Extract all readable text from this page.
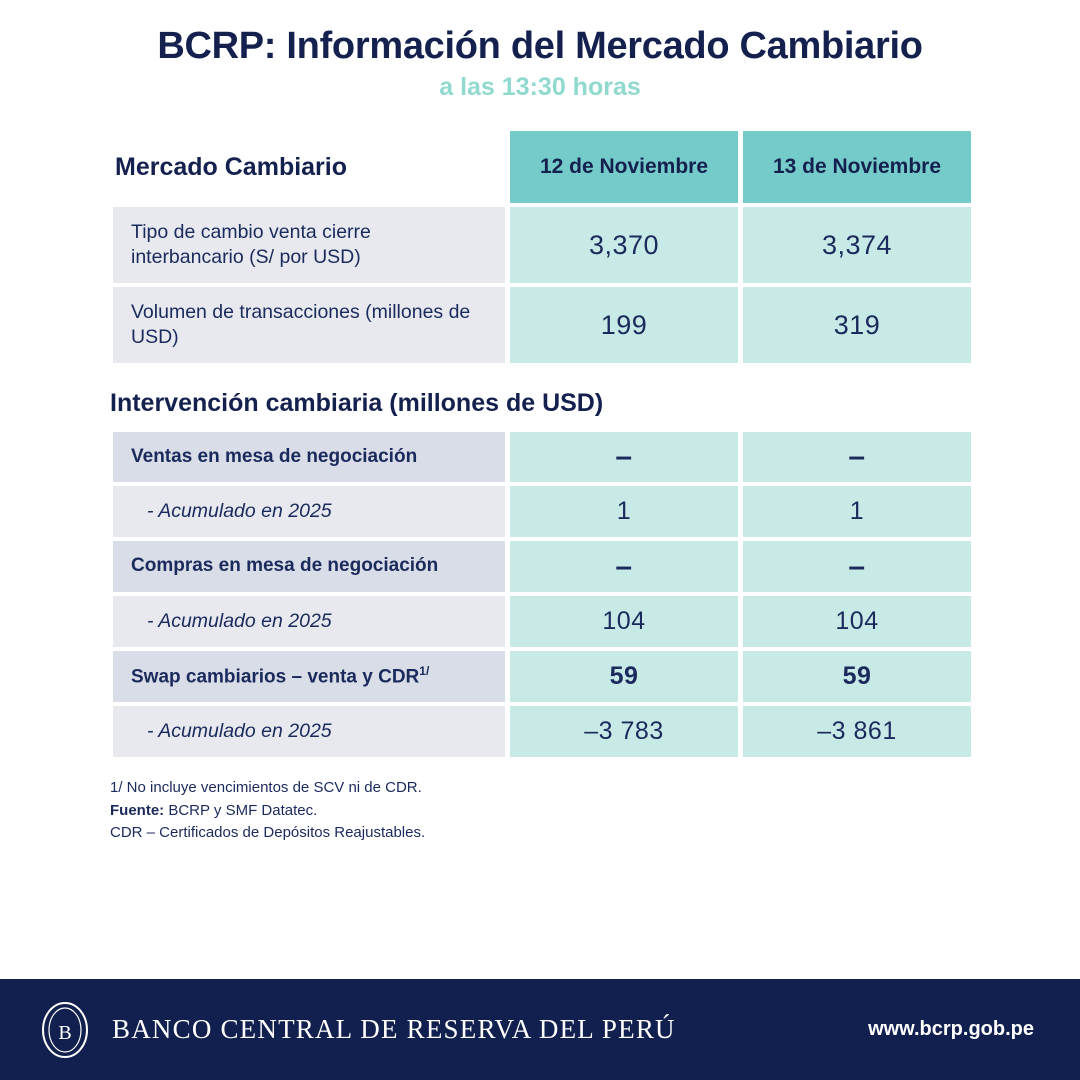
BCRP: Información del Mercado Cambiario
a las 13:30 horas
Mercado Cambiario	12 de Noviembre	13 de Noviembre
Tipo de cambio venta cierre interbancario (S/ por USD)	3,370	3,374
Volumen de transacciones (millones de USD)	199	319
Intervención cambiaria (millones de USD)
Ventas en mesa de negociación	–	–
- Acumulado en 2025	1	1
Compras en mesa de negociación	–	–
- Acumulado en 2025	104	104
Swap cambiarios – venta y $CDR^{1/}$	59	59
- Acumulado en 2025	–3 783	–3 861
1/ No incluye vencimientos de SCV ni de CDR.
Fuente: BCRP y SMF Datatec.
CDR – Certificados de Depósitos Reajustables.
B BANCO CENTRAL DE RESERVA DEL PERÚ	www.bcrp.gob.pe
